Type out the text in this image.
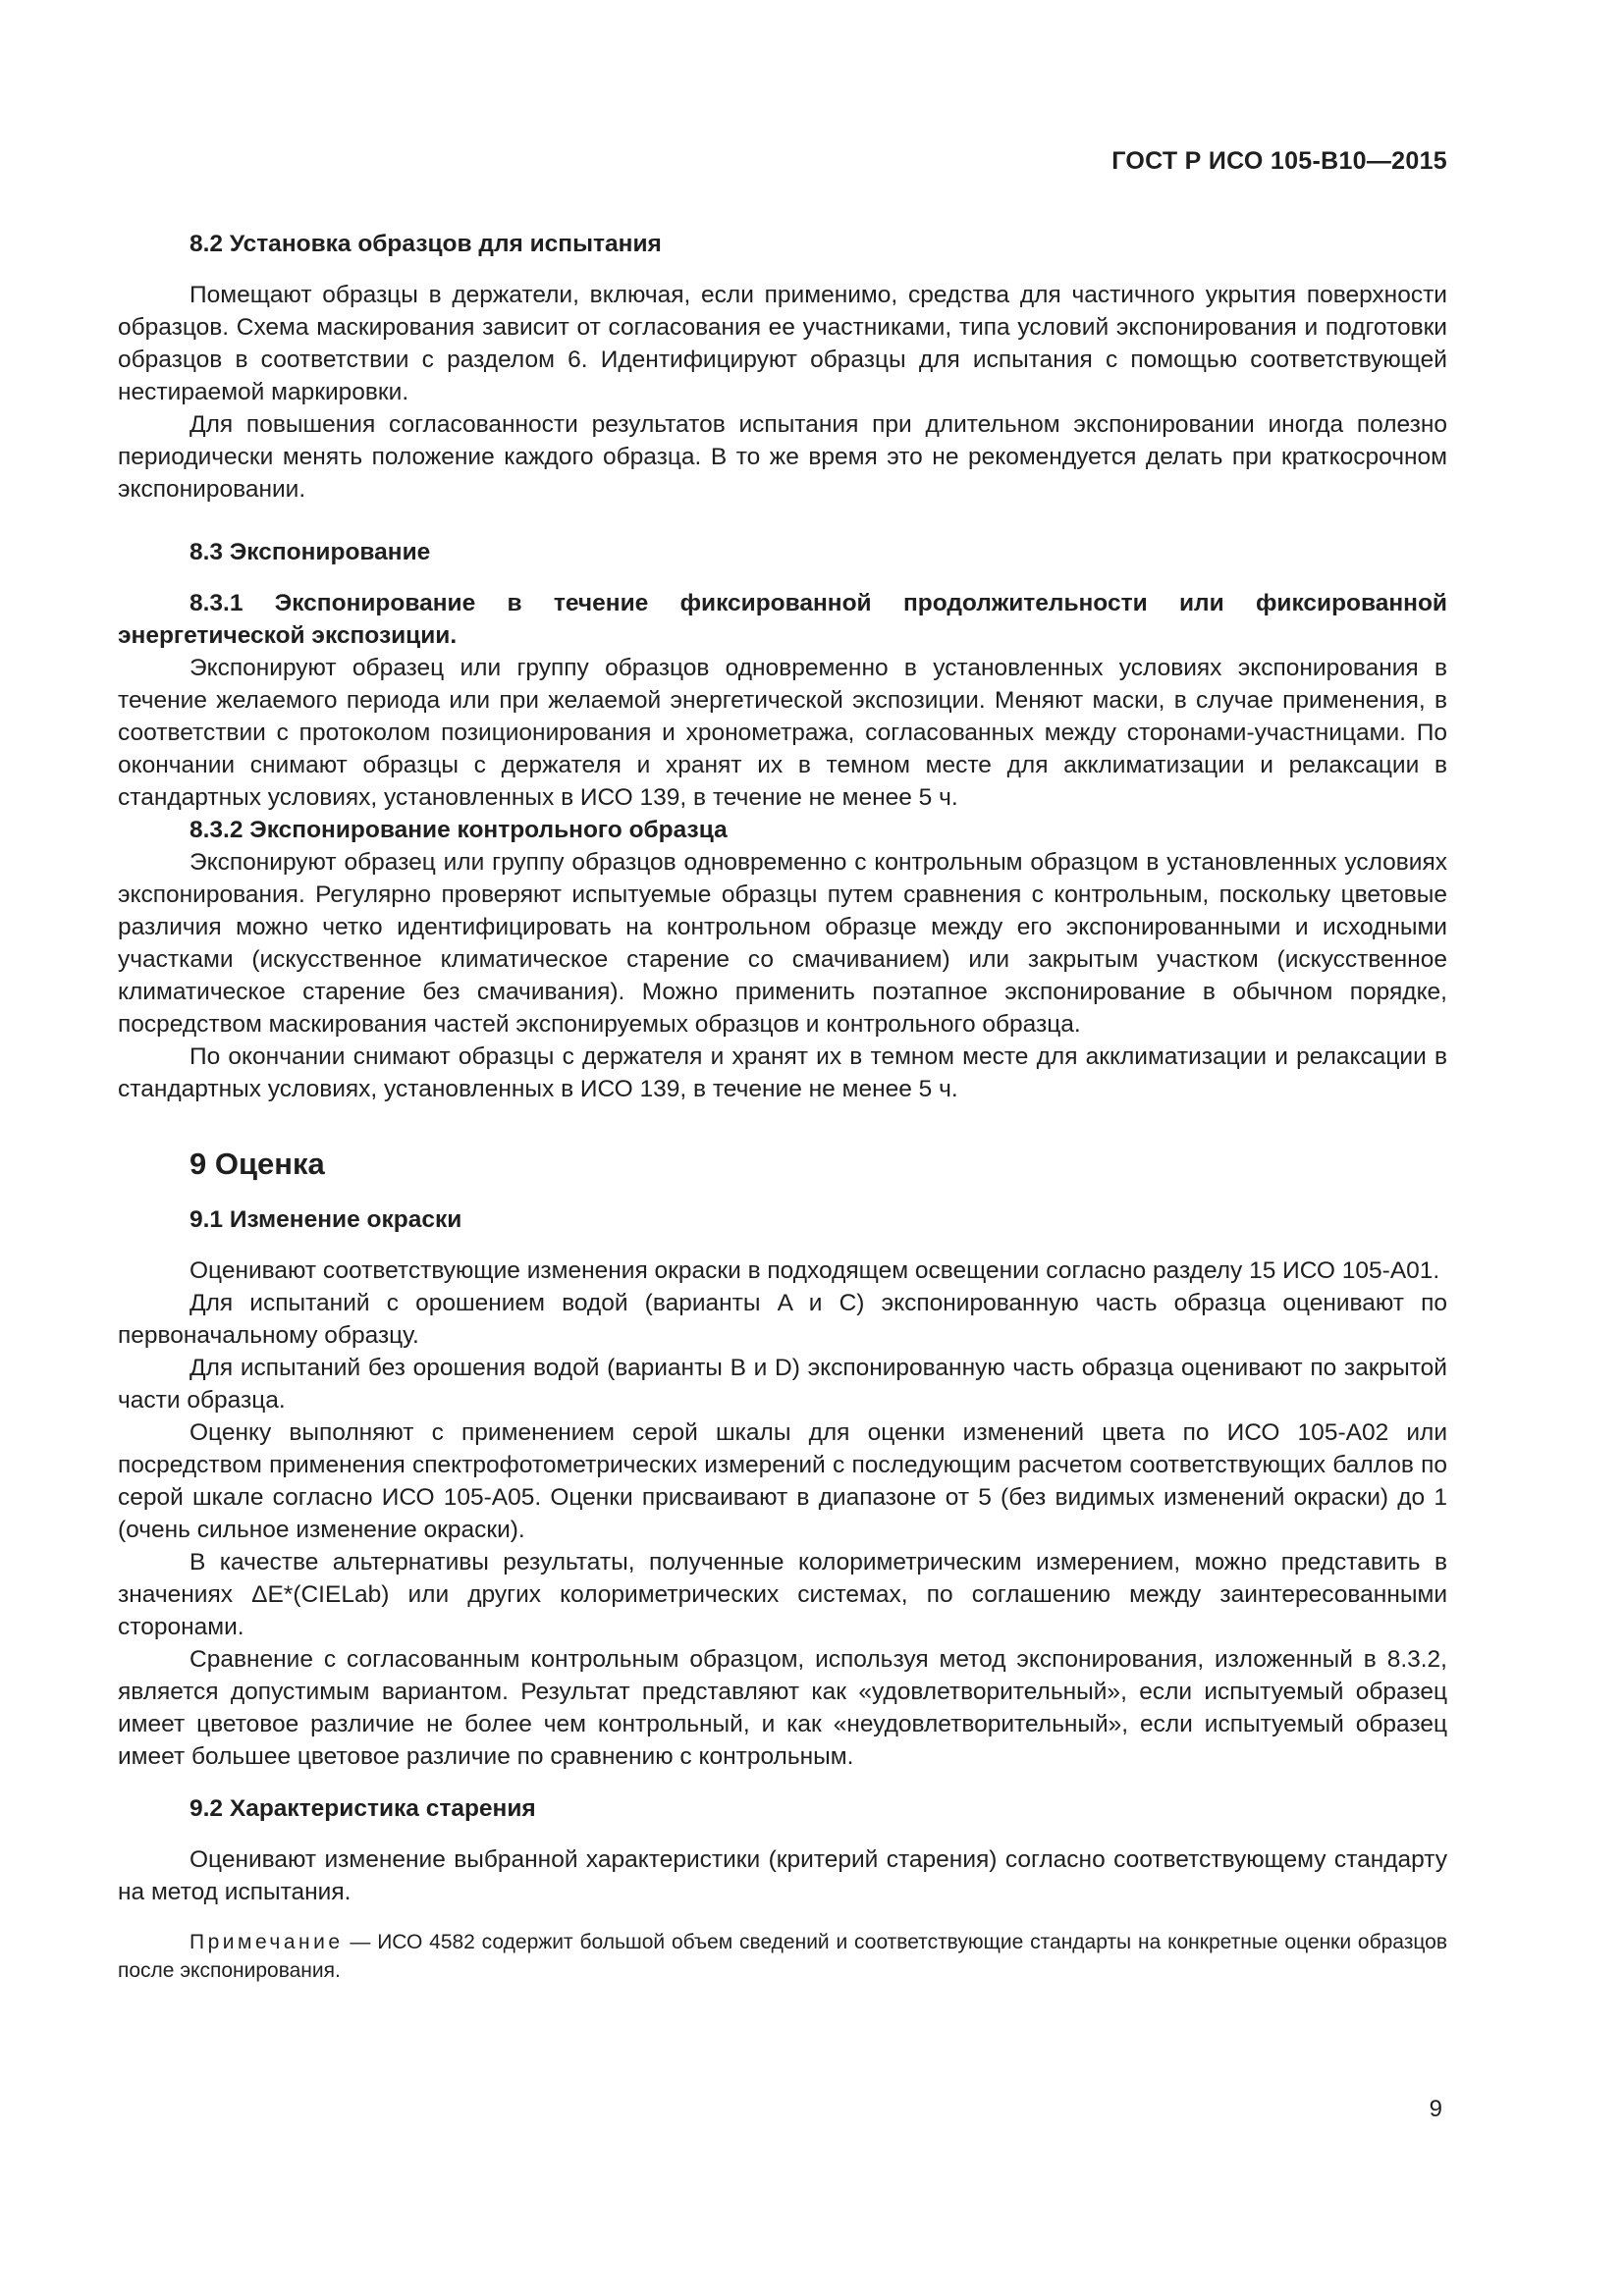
ГОСТ Р ИСО 105-B10—2015
8.2 Установка образцов для испытания

Помещают образцы в держатели, включая, если применимо, средства для частичного укрытия поверхности образцов. Схема маскирования зависит от согласования ее участниками, типа условий экспонирования и подготовки образцов в соответствии с разделом 6. Идентифицируют образцы для испытания с помощью соответствующей нестираемой маркировки.

Для повышения согласованности результатов испытания при длительном экспонировании иногда полезно периодически менять положение каждого образца. В то же время это не рекомендуется делать при краткосрочном экспонировании.

8.3 Экспонирование

8.3.1 Экспонирование в течение фиксированной продолжительности или фиксированной энергетической экспозиции.

Экспонируют образец или группу образцов одновременно в установленных условиях экспонирования в течение желаемого периода или при желаемой энергетической экспозиции. Меняют маски, в случае применения, в соответствии с протоколом позиционирования и хронометража, согласованных между сторонами-участницами. По окончании снимают образцы с держателя и хранят их в темном месте для акклиматизации и релаксации в стандартных условиях, установленных в ИСО 139, в течение не менее 5 ч.

8.3.2 Экспонирование контрольного образца

Экспонируют образец или группу образцов одновременно с контрольным образцом в установленных условиях экспонирования. Регулярно проверяют испытуемые образцы путем сравнения с контрольным, поскольку цветовые различия можно четко идентифицировать на контрольном образце между его экспонированными и исходными участками (искусственное климатическое старение со смачиванием) или закрытым участком (искусственное климатическое старение без смачивания). Можно применить поэтапное экспонирование в обычном порядке, посредством маскирования частей экспонируемых образцов и контрольного образца.

По окончании снимают образцы с держателя и хранят их в темном месте для акклиматизации и релаксации в стандартных условиях, установленных в ИСО 139, в течение не менее 5 ч.

9 Оценка
9.1 Изменение окраски

Оценивают соответствующие изменения окраски в подходящем освещении согласно разделу 15 ИСО 105-A01.

Для испытаний с орошением водой (варианты A и C) экспонированную часть образца оценивают по первоначальному образцу.

Для испытаний без орошения водой (варианты B и D) экспонированную часть образца оценивают по закрытой части образца.

Оценку выполняют с применением серой шкалы для оценки изменений цвета по ИСО 105-A02 или посредством применения спектрофотометрических измерений с последующим расчетом соответствующих баллов по серой шкале согласно ИСО 105-A05. Оценки присваивают в диапазоне от 5 (без видимых изменений окраски) до 1 (очень сильное изменение окраски).

В качестве альтернативы результаты, полученные колориметрическим измерением, можно представить в значениях ΔE*(CIELab) или других колориметрических системах, по соглашению между заинтересованными сторонами.

Сравнение с согласованным контрольным образцом, используя метод экспонирования, изложенный в 8.3.2, является допустимым вариантом. Результат представляют как «удовлетворительный», если испытуемый образец имеет цветовое различие не более чем контрольный, и как «неудовлетворительный», если испытуемый образец имеет большее цветовое различие по сравнению с контрольным.

9.2 Характеристика старения

Оценивают изменение выбранной характеристики (критерий старения) согласно соответствующему стандарту на метод испытания.

Примечание — ИСО 4582 содержит большой объем сведений и соответствующие стандарты на конкретные оценки образцов после экспонирования.

9
